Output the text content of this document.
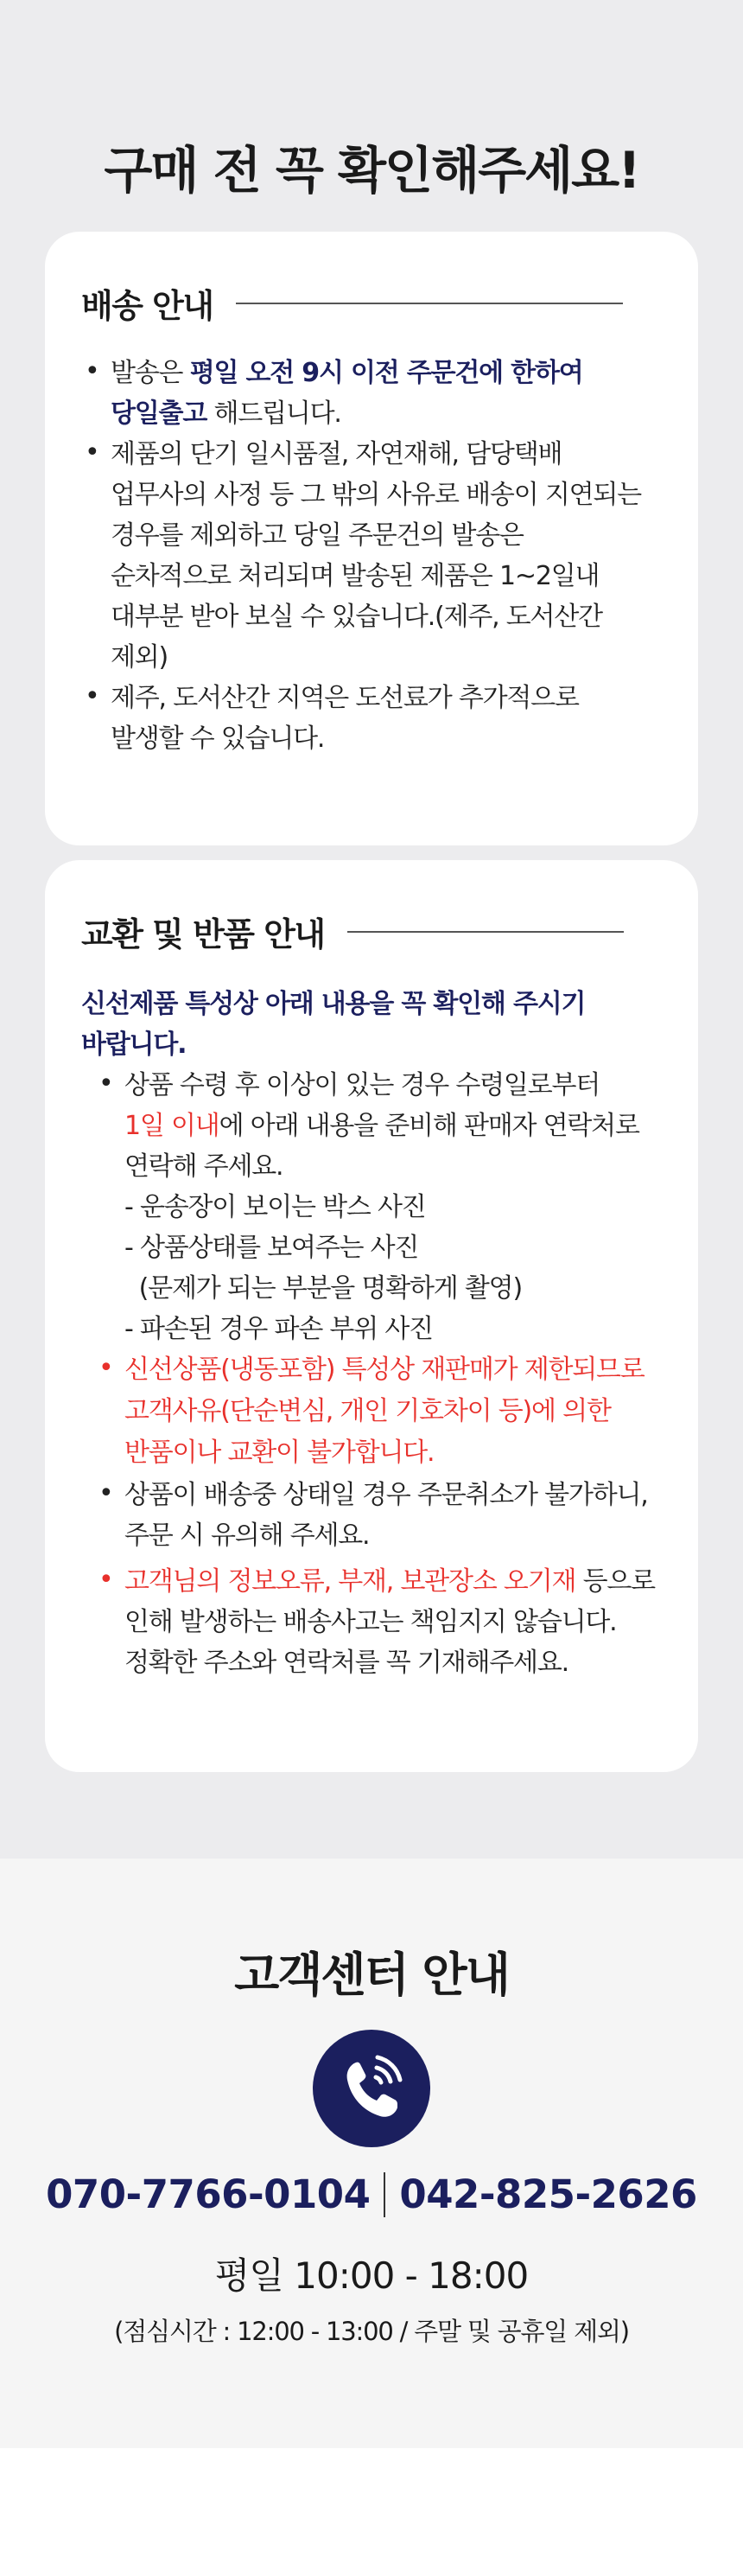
구매 전 꼭 확인해주세요!
배송 안내
• 발송은 평일 오전 9시 이전 주문건에 한하여
당일출고 해드립니다.
• 제품의 단기 일시품절, 자연재해, 담당택배
업무사의 사정 등 그 밖의 사유로 배송이 지연되는
경우를 제외하고 당일 주문건의 발송은
순차적으로 처리되며 발송된 제품은 1~2일내
대부분 받아 보실 수 있습니다.(제주, 도서산간
제외)
• 제주, 도서산간 지역은 도선료가 추가적으로
발생할 수 있습니다.
교환 및 반품 안내
신선제품 특성상 아래 내용을 꼭 확인해 주시기
바랍니다.
• 상품 수령 후 이상이 있는 경우 수령일로부터
1일 이내에 아래 내용을 준비해 판매자 연락처로
연락해 주세요.
- 운송장이 보이는 박스 사진
- 상품상태를 보여주는 사진
(문제가 되는 부분을 명확하게 촬영)
- 파손된 경우 파손 부위 사진
• 신선상품(냉동포함) 특성상 재판매가 제한되므로
고객사유(단순변심, 개인 기호차이 등)에 의한
반품이나 교환이 불가합니다.
• 상품이 배송중 상태일 경우 주문취소가 불가하니,
주문 시 유의해 주세요.
• 고객님의 정보오류, 부재, 보관장소 오기재 등으로
인해 발생하는 배송사고는 책임지지 않습니다.
정확한 주소와 연락처를 꼭 기재해주세요.
고객센터 안내
070-7766-0104 042-825-2626
평일 10:00 - 18:00
(점심시간 : 12:00 - 13:00 / 주말 및 공휴일 제외)
